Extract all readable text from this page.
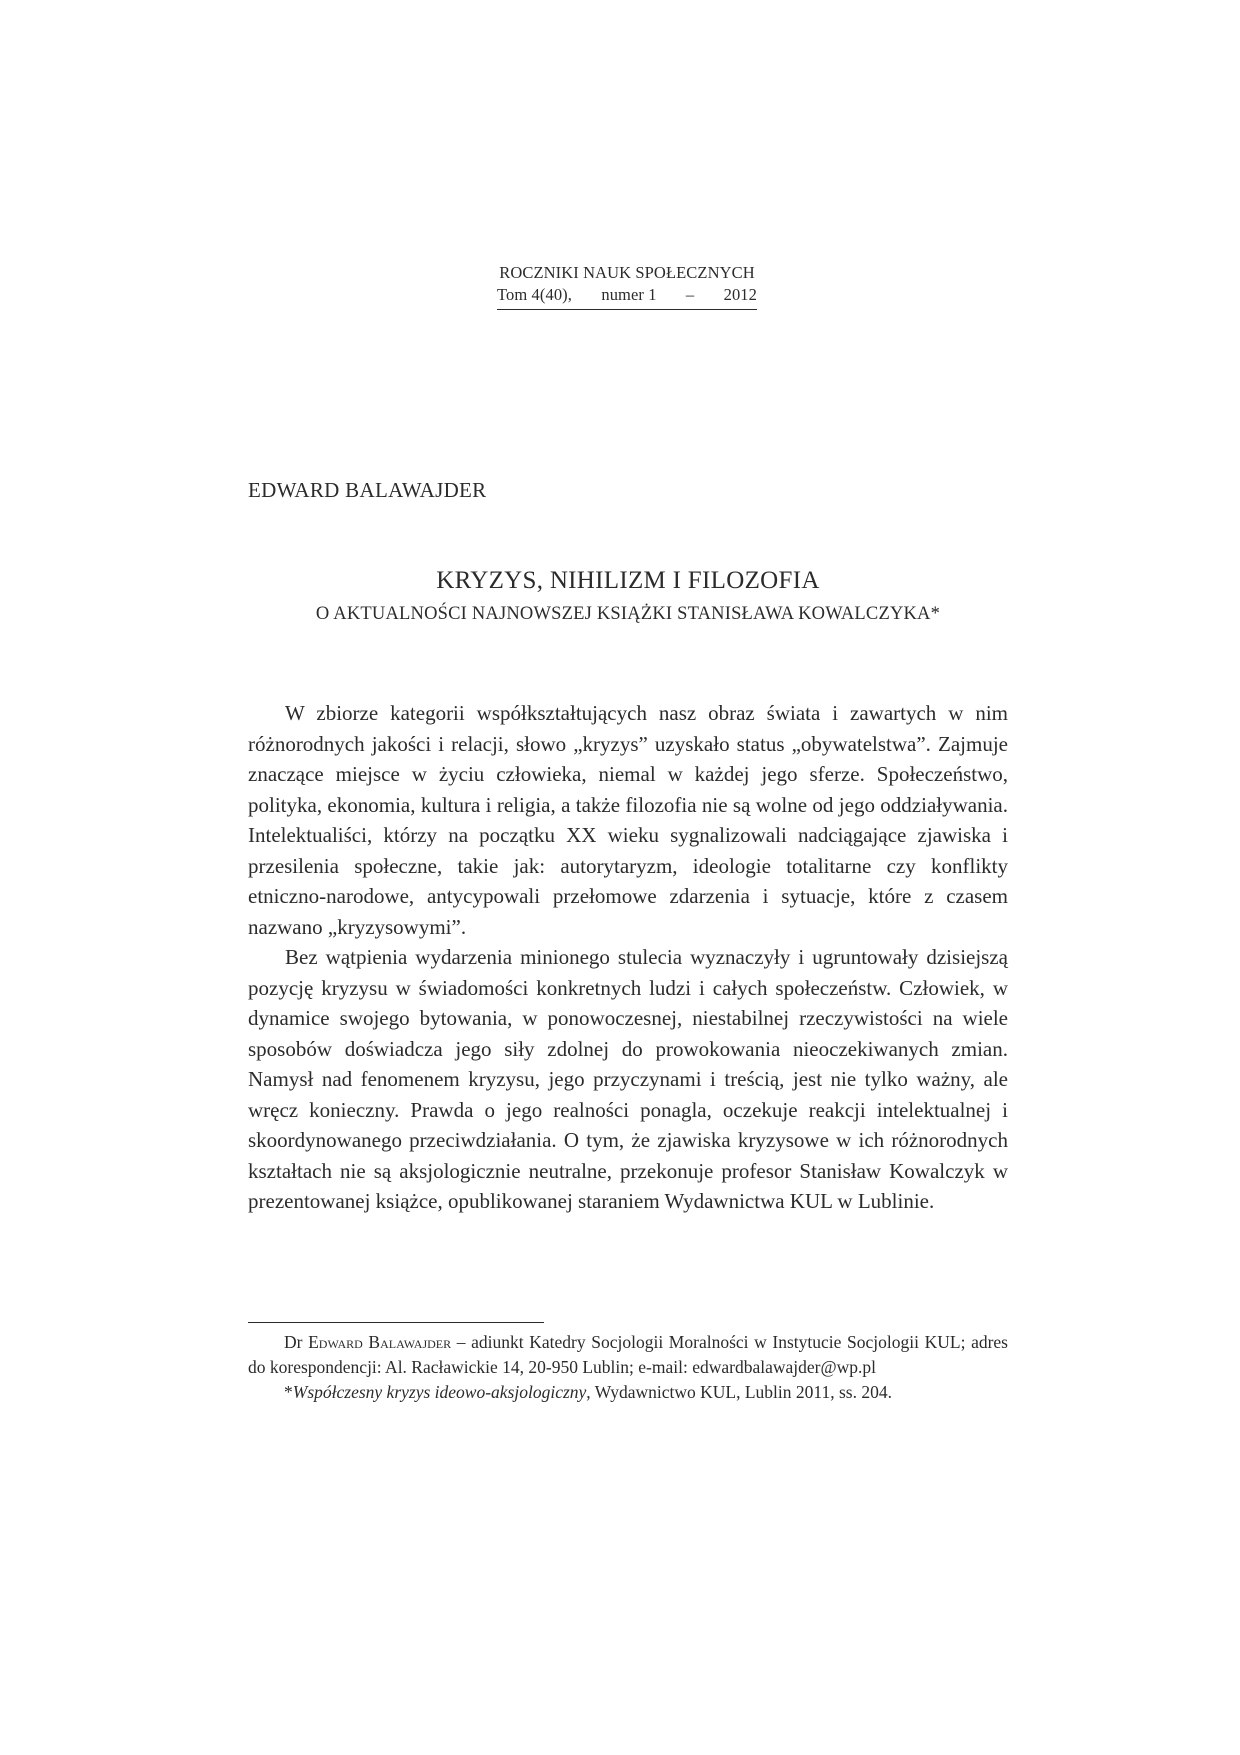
ROCZNIKI NAUK SPOŁECZNYCH
Tom 4(40), numer 1 – 2012
EDWARD BALAWAJDER
KRYZYS, NIHILIZM I FILOZOFIA
O AKTUALNOŚCI NAJNOWSZEJ KSIĄŻKI STANISŁAWA KOWALCZYKA*

W zbiorze kategorii współkształtujących nasz obraz świata i zawartych w nim różnorodnych jakości i relacji, słowo „kryzys” uzyskało status „obywatelstwa”. Zajmuje znaczące miejsce w życiu człowieka, niemal w każdej jego sferze. Społeczeństwo, polityka, ekonomia, kultura i religia, a także filozofia nie są wolne od jego oddziaływania. Intelektualiści, którzy na początku XX wieku sygnalizowali nadciągające zjawiska i przesilenia społeczne, takie jak: autorytaryzm, ideologie totalitarne czy konflikty etniczno-narodowe, antycypowali przełomowe zdarzenia i sytuacje, które z czasem nazwano „kryzysowymi”.

Bez wątpienia wydarzenia minionego stulecia wyznaczyły i ugruntowały dzisiejszą pozycję kryzysu w świadomości konkretnych ludzi i całych społeczeństw. Człowiek, w dynamice swojego bytowania, w ponowoczesnej, niestabilnej rzeczywistości na wiele sposobów doświadcza jego siły zdolnej do prowokowania nieoczekiwanych zmian. Namysł nad fenomenem kryzysu, jego przyczynami i treścią, jest nie tylko ważny, ale wręcz konieczny. Prawda o jego realności ponagla, oczekuje reakcji intelektualnej i skoordynowanego przeciwdziałania. O tym, że zjawiska kryzysowe w ich różnorodnych kształtach nie są aksjologicznie neutralne, przekonuje profesor Stanisław Kowalczyk w prezentowanej książce, opublikowanej staraniem Wydawnictwa KUL w Lublinie.

Dr Edward Balawajder – adiunkt Katedry Socjologii Moralności w Instytucie Socjologii KUL; adres do korespondencji: Al. Racławickie 14, 20-950 Lublin; e-mail: edwardbalawajder@wp.pl

*Współczesny kryzys ideowo-aksjologiczny, Wydawnictwo KUL, Lublin 2011, ss. 204.
